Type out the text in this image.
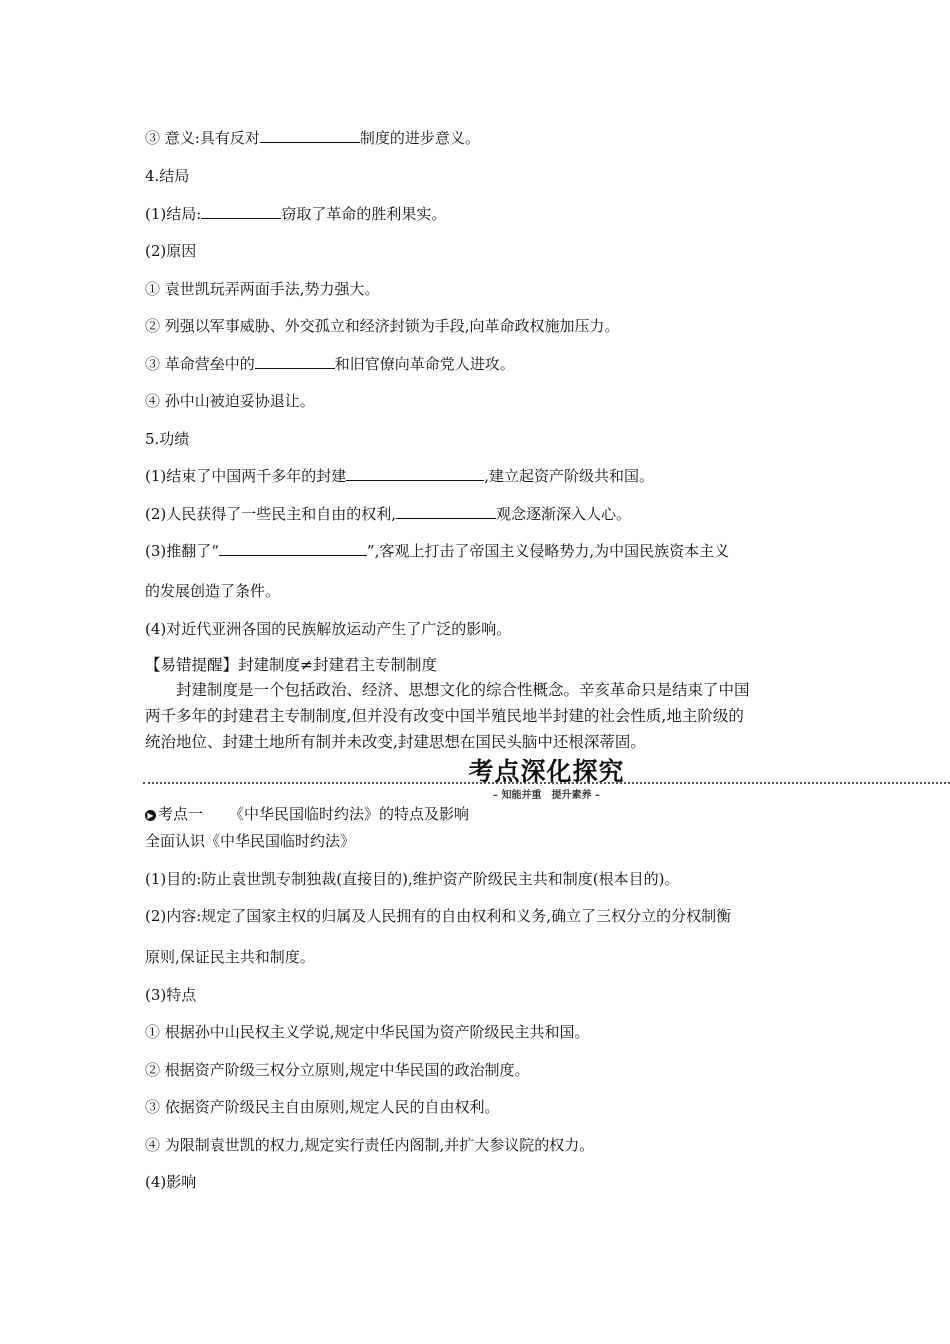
③ 意义:具有反对	制度的进步意义。
4.结局
(1)结局:	窃取了革命的胜利果实。
(2)原因
① 袁世凯玩弄两面手法,势力强大。
② 列强以军事威胁、外交孤立和经济封锁为手段,向革命政权施加压力。
③ 革命营垒中的	和旧官僚向革命党人进攻。
④ 孙中山被迫妥协退让。
5.功绩
(1)结束了中国两千多年的封建	,建立起资产阶级共和国。
(2)人民获得了一些民主和自由的权利,	观念逐渐深入人心。
(3)推翻了“	”,客观上打击了帝国主义侵略势力,为中国民族资本主义
的发展创造了条件。
(4)对近代亚洲各国的民族解放运动产生了广泛的影响。
【易错提醒】封建制度≠封建君主专制制度
封建制度是一个包括政治、经济、思想文化的综合性概念。辛亥革命只是结束了中国
两千多年的封建君主专制制度,但并没有改变中国半殖民地半封建的社会性质,地主阶级的
统治地位、封建土地所有制并未改变,封建思想在国民头脑中还根深蒂固。
考点深化探究
– 知能并重　提升素养 –
▶ 考点一 《中华民国临时约法》的特点及影响
全面认识《中华民国临时约法》
(1)目的:防止袁世凯专制独裁(直接目的),维护资产阶级民主共和制度(根本目的)。
(2)内容:规定了国家主权的归属及人民拥有的自由权利和义务,确立了三权分立的分权制衡
原则,保证民主共和制度。
(3)特点
① 根据孙中山民权主义学说,规定中华民国为资产阶级民主共和国。
② 根据资产阶级三权分立原则,规定中华民国的政治制度。
③ 依据资产阶级民主自由原则,规定人民的自由权利。
④ 为限制袁世凯的权力,规定实行责任内阁制,并扩大参议院的权力。
(4)影响
